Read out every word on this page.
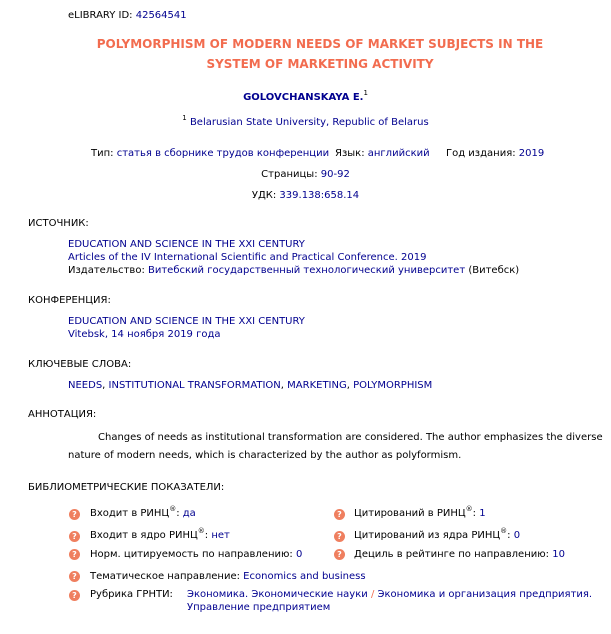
eLIBRARY ID: 42564541
POLYMORPHISM OF MODERN NEEDS OF MARKET SUBJECTS IN THE
SYSTEM OF MARKETING ACTIVITY
GOLOVCHANSKAYA E.$^1$
$^1$ Belarusian State University, Republic of Belarus
Тип: статья в сборнике трудов конференции Язык: английский Год издания: 2019
Страницы: 90-92
УДК: 339.138:658.14
ИСТОЧНИК:
EDUCATION AND SCIENCE IN THE XXI CENTURY
Articles of the IV International Scientific and Practical Conference. 2019
Издательство: Витебский государственный технологический университет (Витебск)
КОНФЕРЕНЦИЯ:
EDUCATION AND SCIENCE IN THE XXI CENTURY
Vitebsk, 14 ноября 2019 года
КЛЮЧЕВЫЕ СЛОВА:
NEEDS, INSTITUTIONAL TRANSFORMATION, MARKETING, POLYMORPHISM
АННОТАЦИЯ:
Changes of needs as institutional transformation are considered. The author emphasizes the diverse
nature of modern needs, which is characterized by the author as polyformism.
БИБЛИОМЕТРИЧЕСКИЕ ПОКАЗАТЕЛИ:
?
Входит в РИНЦ®: да ?	Цитирований в РИНЦ®: 1
?
Входит в ядро РИНЦ®: нет ?	Цитирований из ядра РИНЦ®: 0
?
Норм. цитируемость по направлению: 0 ?	Дециль в рейтинге по направлению: 10
?
Тематическое направление: Economics and business
?
Рубрика ГРНТИ: Экономика. Экономические науки / Экономика и организация предприятия.
Управление предприятием
